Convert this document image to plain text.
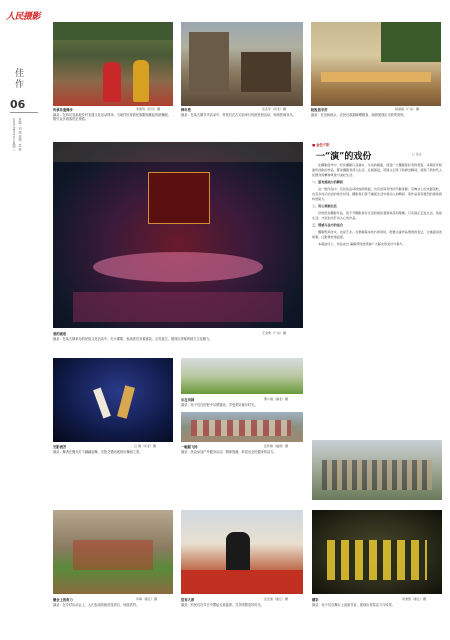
人民摄影
佳作
06
2025年6月25日 星期三 责编：刘 浏 美编：吴 杨
传承非遗舞步	李胜利（四川）摄
摘录：在四川省某地乡村非遗文化活动现场，当地村民身着民族服饰跳起传统舞蹈，吸引众多游客驻足观看。
棒年兜	张连军（河北）摄
摘录：在某古镇节庆活动中，村民们在古宅前举行传统民俗活动，现场热闹非凡。
粒粒皆辛苦	杨丽娟（广东）摄
摘录：在田间地头，农民们收割晾晒粮食，画面展现出丰收的喜悦。
春的画卷	王金勇（广东）摄
摘录：在某古镇举办的民俗文化活动中，灯火璀璨，表演者们身着盛装，点亮夜空，展现出浓郁的地方文化魅力。
■ 金色夕阳
一“演”的戏份	□ 丛文

在摄影创作中，纪实摄影以其真实、生动的画面，深受广大摄影爱好者的喜爱。本期佳作版面所选取的作品，都是摄影者深入生活、扎根基层，用镜头记录下的鲜活瞬间，展现了新时代人民群众的精神风貌与美好生活。

一、富有感染力的瞬间

这一组作品中，有民俗活动的热闹场面，也有田间劳作的辛勤身影；有舞台上的光影流转，也有乡村运动会的欢乐时刻。摄影者们善于捕捉生活中最动人的瞬间，使作品具有强烈的现场感和感染力。

二、用心观察生活

好的纪实摄影作品，离不开摄影者对生活的细致观察和深刻理解。只有真正走进生活、热爱生活，才能拍出打动人心的作品。

三、情感与技巧的结合

摄影既是技术，也是艺术。在掌握基本技巧的同时，更要注重作品情感的表达，让画面讲述故事，让影像传递温度。

本版由何人、作品选自 编辑部特此感谢广大影友的支持与参与。

光影流芳	吕 刚（河北）摄
摘录：舞者在聚光灯下翩翩起舞，光影交错间展现出舞蹈之美。
乐在田园	曹小刚（湖北）摄
摘录：孩子们在田野中尽情嬉戏，享受美好童年时光。
一幅最飞扬	张传敏（福建）摄
摘录：民众参加户外健身活动，精神饱满，彰显出全民健身的活力。
聚会上的角力	许啸（浙江）摄
摘录：在乡村运动会上，人们参加传统竞技项目，场面热烈。
贺寿大席	张安康（浙江）摄
摘录：村民们在节日中摆起长桌宴席，共享团圆美好时光。
精彩	何秉胜（浙江）摄
摘录：孩子们在舞台上表演节目，展现出青春活力与风采。
